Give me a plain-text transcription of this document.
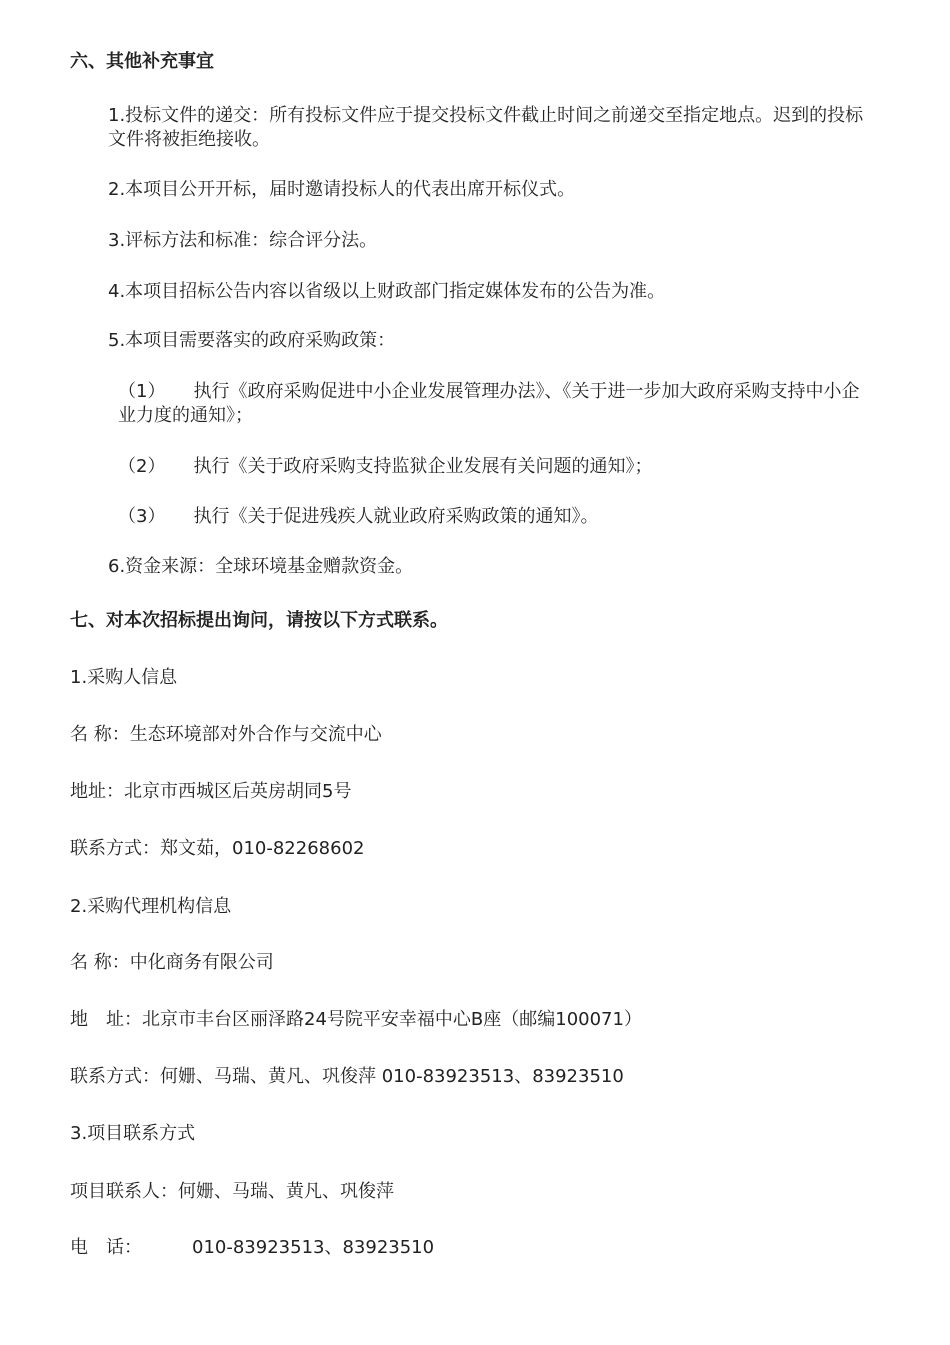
六、其他补充事宜
1.投标文件的递交：所有投标文件应于提交投标文件截止时间之前递交至指定地点。迟到的投标文件将被拒绝接收。
2.本项目公开开标，届时邀请投标人的代表出席开标仪式。
3.评标方法和标准：综合评分法。
4.本项目招标公告内容以省级以上财政部门指定媒体发布的公告为准。
5.本项目需要落实的政府采购政策：
（1） 执行《政府采购促进中小企业发展管理办法》、《关于进一步加大政府采购支持中小企业力度的通知》；
（2） 执行《关于政府采购支持监狱企业发展有关问题的通知》；
（3） 执行《关于促进残疾人就业政府采购政策的通知》。
6.资金来源：全球环境基金赠款资金。
七、对本次招标提出询问，请按以下方式联系。
1.采购人信息
名 称：生态环境部对外合作与交流中心
地址：北京市西城区后英房胡同5号
联系方式：郑文茹，010-82268602
2.采购代理机构信息
名 称：中化商务有限公司
地　址：北京市丰台区丽泽路24号院平安幸福中心B座（邮编100071）
联系方式：何姗、马瑞、黄凡、巩俊萍 010-83923513、83923510
3.项目联系方式
项目联系人：何姗、马瑞、黄凡、巩俊萍
电　话：	010-83923513、83923510
